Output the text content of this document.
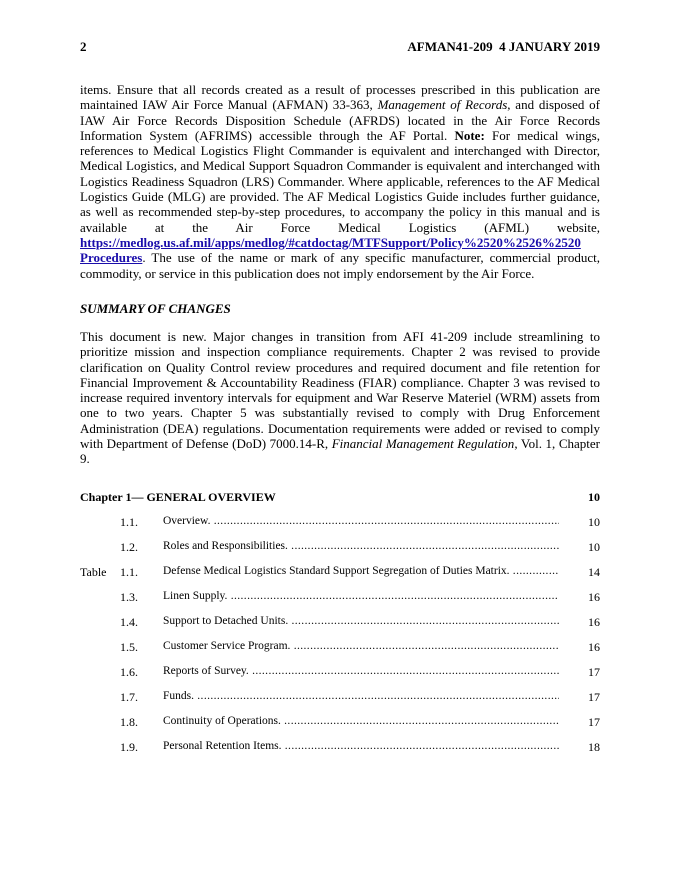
2	AFMAN41-209  4 JANUARY 2019
items. Ensure that all records created as a result of processes prescribed in this publication are maintained IAW Air Force Manual (AFMAN) 33-363, Management of Records, and disposed of IAW Air Force Records Disposition Schedule (AFRDS) located in the Air Force Records Information System (AFRIMS) accessible through the AF Portal. Note: For medical wings, references to Medical Logistics Flight Commander is equivalent and interchanged with Director, Medical Logistics, and Medical Support Squadron Commander is equivalent and interchanged with Logistics Readiness Squadron (LRS) Commander. Where applicable, references to the AF Medical Logistics Guide (MLG) are provided. The AF Medical Logistics Guide includes further guidance, as well as recommended step-by-step procedures, to accompany the policy in this manual and is available at the Air Force Medical Logistics (AFML) website, https://medlog.us.af.mil/apps/medlog/#catdoctag/MTFSupport/Policy%2520%2526%2520 Procedures. The use of the name or mark of any specific manufacturer, commercial product, commodity, or service in this publication does not imply endorsement by the Air Force.
SUMMARY OF CHANGES
This document is new. Major changes in transition from AFI 41-209 include streamlining to prioritize mission and inspection compliance requirements. Chapter 2 was revised to provide clarification on Quality Control review procedures and required document and file retention for Financial Improvement & Accountability Readiness (FIAR) compliance. Chapter 3 was revised to increase required inventory intervals for equipment and War Reserve Materiel (WRM) assets from one to two years. Chapter 5 was substantially revised to comply with Drug Enforcement Administration (DEA) regulations. Documentation requirements were added or revised to comply with Department of Defense (DoD) 7000.14-R, Financial Management Regulation, Vol. 1, Chapter 9.
Chapter 1— GENERAL OVERVIEW	10
1.1. Overview. .....	10
1.2. Roles and Responsibilities. .....	10
Table 1.1. Defense Medical Logistics Standard Support Segregation of Duties Matrix. .....	14
1.3. Linen Supply. .....	16
1.4. Support to Detached Units. .....	16
1.5. Customer Service Program. .....	16
1.6. Reports of Survey. .....	17
1.7. Funds. .....	17
1.8. Continuity of Operations. .....	17
1.9. Personal Retention Items. .....	18
